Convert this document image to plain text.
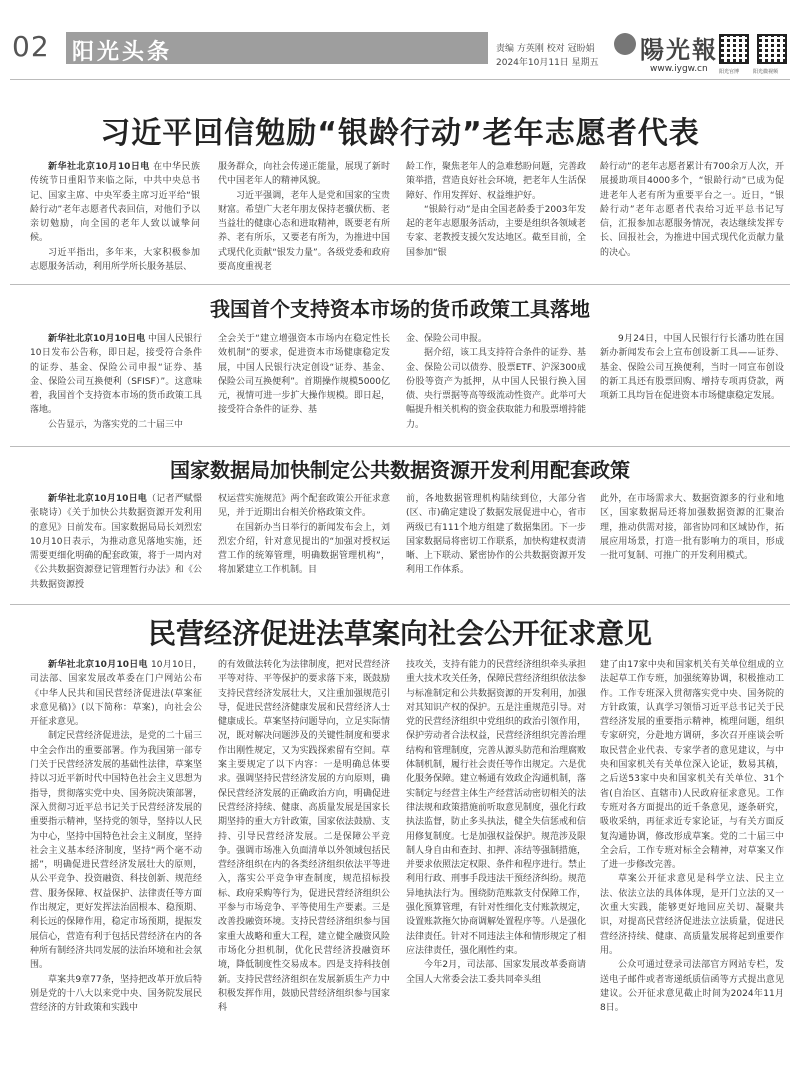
02 阳光头条	责编 方英刚 校对 冠盼娟
2024年10月11日 星期五 陽光報
www.iygw.cn 阳光官博	阳光微视频
习近平回信勉励“银龄行动”老年志愿者代表

新华社北京10月10日电 在中华民族传统节日重阳节来临之际，中共中央总书记、国家主席、中央军委主席习近平给“银龄行动”老年志愿者代表回信，对他们予以亲切勉励，向全国的老年人致以诚挚问候。

习近平指出，多年来，大家积极参加志愿服务活动，利用所学所长服务基层、

服务群众，向社会传递正能量，展现了新时代中国老年人的精神风貌。

习近平强调，老年人是党和国家的宝贵财富。希望广大老年朋友保持老骥伏枥、老当益壮的健康心态和进取精神，既要老有所养、老有所乐，又要老有所为，为推进中国式现代化贡献“银发力量”。各级党委和政府要高度重视老

龄工作，聚焦老年人的急难愁盼问题，完善政策举措，营造良好社会环境，把老年人生活保障好、作用发挥好、权益维护好。

“银龄行动”是由全国老龄委于2003年发起的老年志愿服务活动，主要是组织各领域老专家、老教授支援欠发达地区。截至目前，全国参加“银

龄行动”的老年志愿者累计有700余万人次，开展援助项目4000多个，“银龄行动”已成为促进老年人老有所为重要平台之一。近日，“银龄行动”老年志愿者代表给习近平总书记写信，汇报参加志愿服务情况，表达继续发挥专长、回报社会，为推进中国式现代化贡献力量的决心。

我国首个支持资本市场的货币政策工具落地

新华社北京10月10日电 中国人民银行10日发布公告称，即日起，接受符合条件的证券、基金、保险公司申报“证券、基金、保险公司互换便利（SFISF）”。这意味着，我国首个支持资本市场的货币政策工具落地。

公告显示，为落实党的二十届三中

全会关于“建立增强资本市场内在稳定性长效机制”的要求，促进资本市场健康稳定发展，中国人民银行决定创设“证券、基金、保险公司互换便利”。首期操作规模5000亿元，视情可进一步扩大操作规模。即日起，接受符合条件的证券、基

金、保险公司申报。

据介绍，该工具支持符合条件的证券、基金、保险公司以债券、股票ETF、沪深300成份股等资产为抵押，从中国人民银行换入国债、央行票据等高等级流动性资产。此举可大幅提升相关机构的资金获取能力和股票增持能力。

9月24日，中国人民银行行长潘功胜在国新办新闻发布会上宣布创设新工具——证券、基金、保险公司互换便利，当时一同宣布创设的新工具还有股票回购、增持专项再贷款，两项新工具均旨在促进资本市场健康稳定发展。

国家数据局加快制定公共数据资源开发利用配套政策

新华社北京10月10日电（记者严赋憬 张晓诗）《关于加快公共数据资源开发利用的意见》日前发布。国家数据局局长刘烈宏10月10日表示，为推动意见落地实施，还需要更细化明确的配套政策，将于一周内对《公共数据资源登记管理暂行办法》和《公共数据资源授

权运营实施规范》两个配套政策公开征求意见，并于近期出台相关价格政策文件。

在国新办当日举行的新闻发布会上，刘烈宏介绍，针对意见提出的“加强对授权运营工作的统筹管理，明确数据管理机构”，将加紧建立工作机制。目

前，各地数据管理机构陆续到位，大部分省(区、市)确定建设了数据发展促进中心，省市两级已有111个地方组建了数据集团。下一步国家数据局将密切工作联系，加快构建权责清晰、上下联动、紧密协作的公共数据资源开发利用工作体系。

此外，在市场需求大、数据资源多的行业和地区，国家数据局还将加强数据资源的汇聚治理，推动供需对接，部省协同和区域协作，拓展应用场景，打造一批有影响力的项目，形成一批可复制、可推广的开发利用模式。

民营经济促进法草案向社会公开征求意见

新华社北京10月10日电 10月10日，司法部、国家发展改革委在门户网站公布《中华人民共和国民营经济促进法(草案征求意见稿)》(以下简称：草案)，向社会公开征求意见。

制定民营经济促进法，是党的二十届三中全会作出的重要部署。作为我国第一部专门关于民营经济发展的基础性法律，草案坚持以习近平新时代中国特色社会主义思想为指导，贯彻落实党中央、国务院决策部署，深入贯彻习近平总书记关于民营经济发展的重要指示精神，坚持党的领导，坚持以人民为中心，坚持中国特色社会主义制度，坚持社会主义基本经济制度，坚持“两个毫不动摇”，明确促进民营经济发展壮大的原则，从公平竞争、投资融资、科技创新、规范经营、服务保障、权益保护、法律责任等方面作出规定，更好发挥法治固根本、稳预期、利长远的保障作用，稳定市场预期，提振发展信心，营造有利于包括民营经济在内的各种所有制经济共同发展的法治环境和社会氛围。

草案共9章77条，坚持把改革开放后特别是党的十八大以来党中央、国务院发展民营经济的方针政策和实践中

的有效做法转化为法律制度，把对民营经济平等对待、平等保护的要求落下来，既鼓励支持民营经济发展壮大，又注重加强规范引导，促进民营经济健康发展和民营经济人士健康成长。草案坚持问题导向，立足实际情况，既对解决问题涉及的关键性制度和要求作出刚性规定，又为实践探索留有空间。草案主要规定了以下内容：一是明确总体要求。强调坚持民营经济发展的方向原则，确保民营经济发展的正确政治方向，明确促进民营经济持续、健康、高质量发展是国家长期坚持的重大方针政策，国家依法鼓励、支持、引导民营经济发展。二是保障公平竞争。强调市场准入负面清单以外领域包括民营经济组织在内的各类经济组织依法平等进入，落实公平竞争审查制度，规范招标投标、政府采购等行为，促进民营经济组织公平参与市场竞争、平等使用生产要素。三是改善投融资环境。支持民营经济组织参与国家重大战略和重大工程，建立健全融资风险市场化分担机制，优化民营经济投融资环境，降低制度性交易成本。四是支持科技创新。支持民营经济组织在发展新质生产力中积极发挥作用，鼓励民营经济组织参与国家科

技攻关，支持有能力的民营经济组织牵头承担重大技术攻关任务，保障民营经济组织依法参与标准制定和公共数据资源的开发利用，加强对其知识产权的保护。五是注重规范引导。对党的民营经济组织中党组织的政治引领作用，保护劳动者合法权益，民营经济组织完善治理结构和管理制度，完善从源头防范和治理腐败体制机制，履行社会责任等作出规定。六是优化服务保障。建立畅通有效政企沟通机制，落实制定与经营主体生产经营活动密切相关的法律法规和政策措施前听取意见制度，强化行政执法监督，防止多头执法，健全失信惩戒和信用修复制度。七是加强权益保护。规范涉及限制人身自由和查封、扣押、冻结等强制措施，并要求依照法定权限、条件和程序进行。禁止利用行政、刑事手段违法干预经济纠纷。规范异地执法行为。围绕防范账款支付保障工作，强化预算管理，有针对性细化支付账款规定，设置账款拖欠协商调解处置程序等。八是强化法律责任。针对不同违法主体和情形规定了相应法律责任，强化刚性约束。

今年2月，司法部、国家发展改革委商请全国人大常委会法工委共同牵头组

建了由17家中央和国家机关有关单位组成的立法起草工作专班，加强统筹协调，积极推动工作。工作专班深入贯彻落实党中央、国务院的方针政策，认真学习领悟习近平总书记关于民营经济发展的重要指示精神，梳理问题，组织专家研究，分赴地方调研，多次召开座谈会听取民营企业代表、专家学者的意见建议，与中央和国家机关有关单位深入论证，数易其稿，之后送53家中央和国家机关有关单位、31个省(自治区、直辖市)人民政府征求意见。工作专班对各方面提出的近千条意见，逐条研究，吸收采纳，再征求近专家论证，与有关方面反复沟通协调，修改形成草案。党的二十届三中全会后，工作专班对标全会精神，对草案又作了进一步修改完善。

草案公开征求意见是科学立法、民主立法、依法立法的具体体现，是开门立法的又一次重大实践，能够更好地回应关切、凝聚共识，对提高民营经济促进法立法质量，促进民营经济持续、健康、高质量发展将起到重要作用。

公众可通过登录司法部官方网站专栏，发送电子邮件或者寄递纸质信函等方式提出意见建议。公开征求意见截止时间为2024年11月8日。
